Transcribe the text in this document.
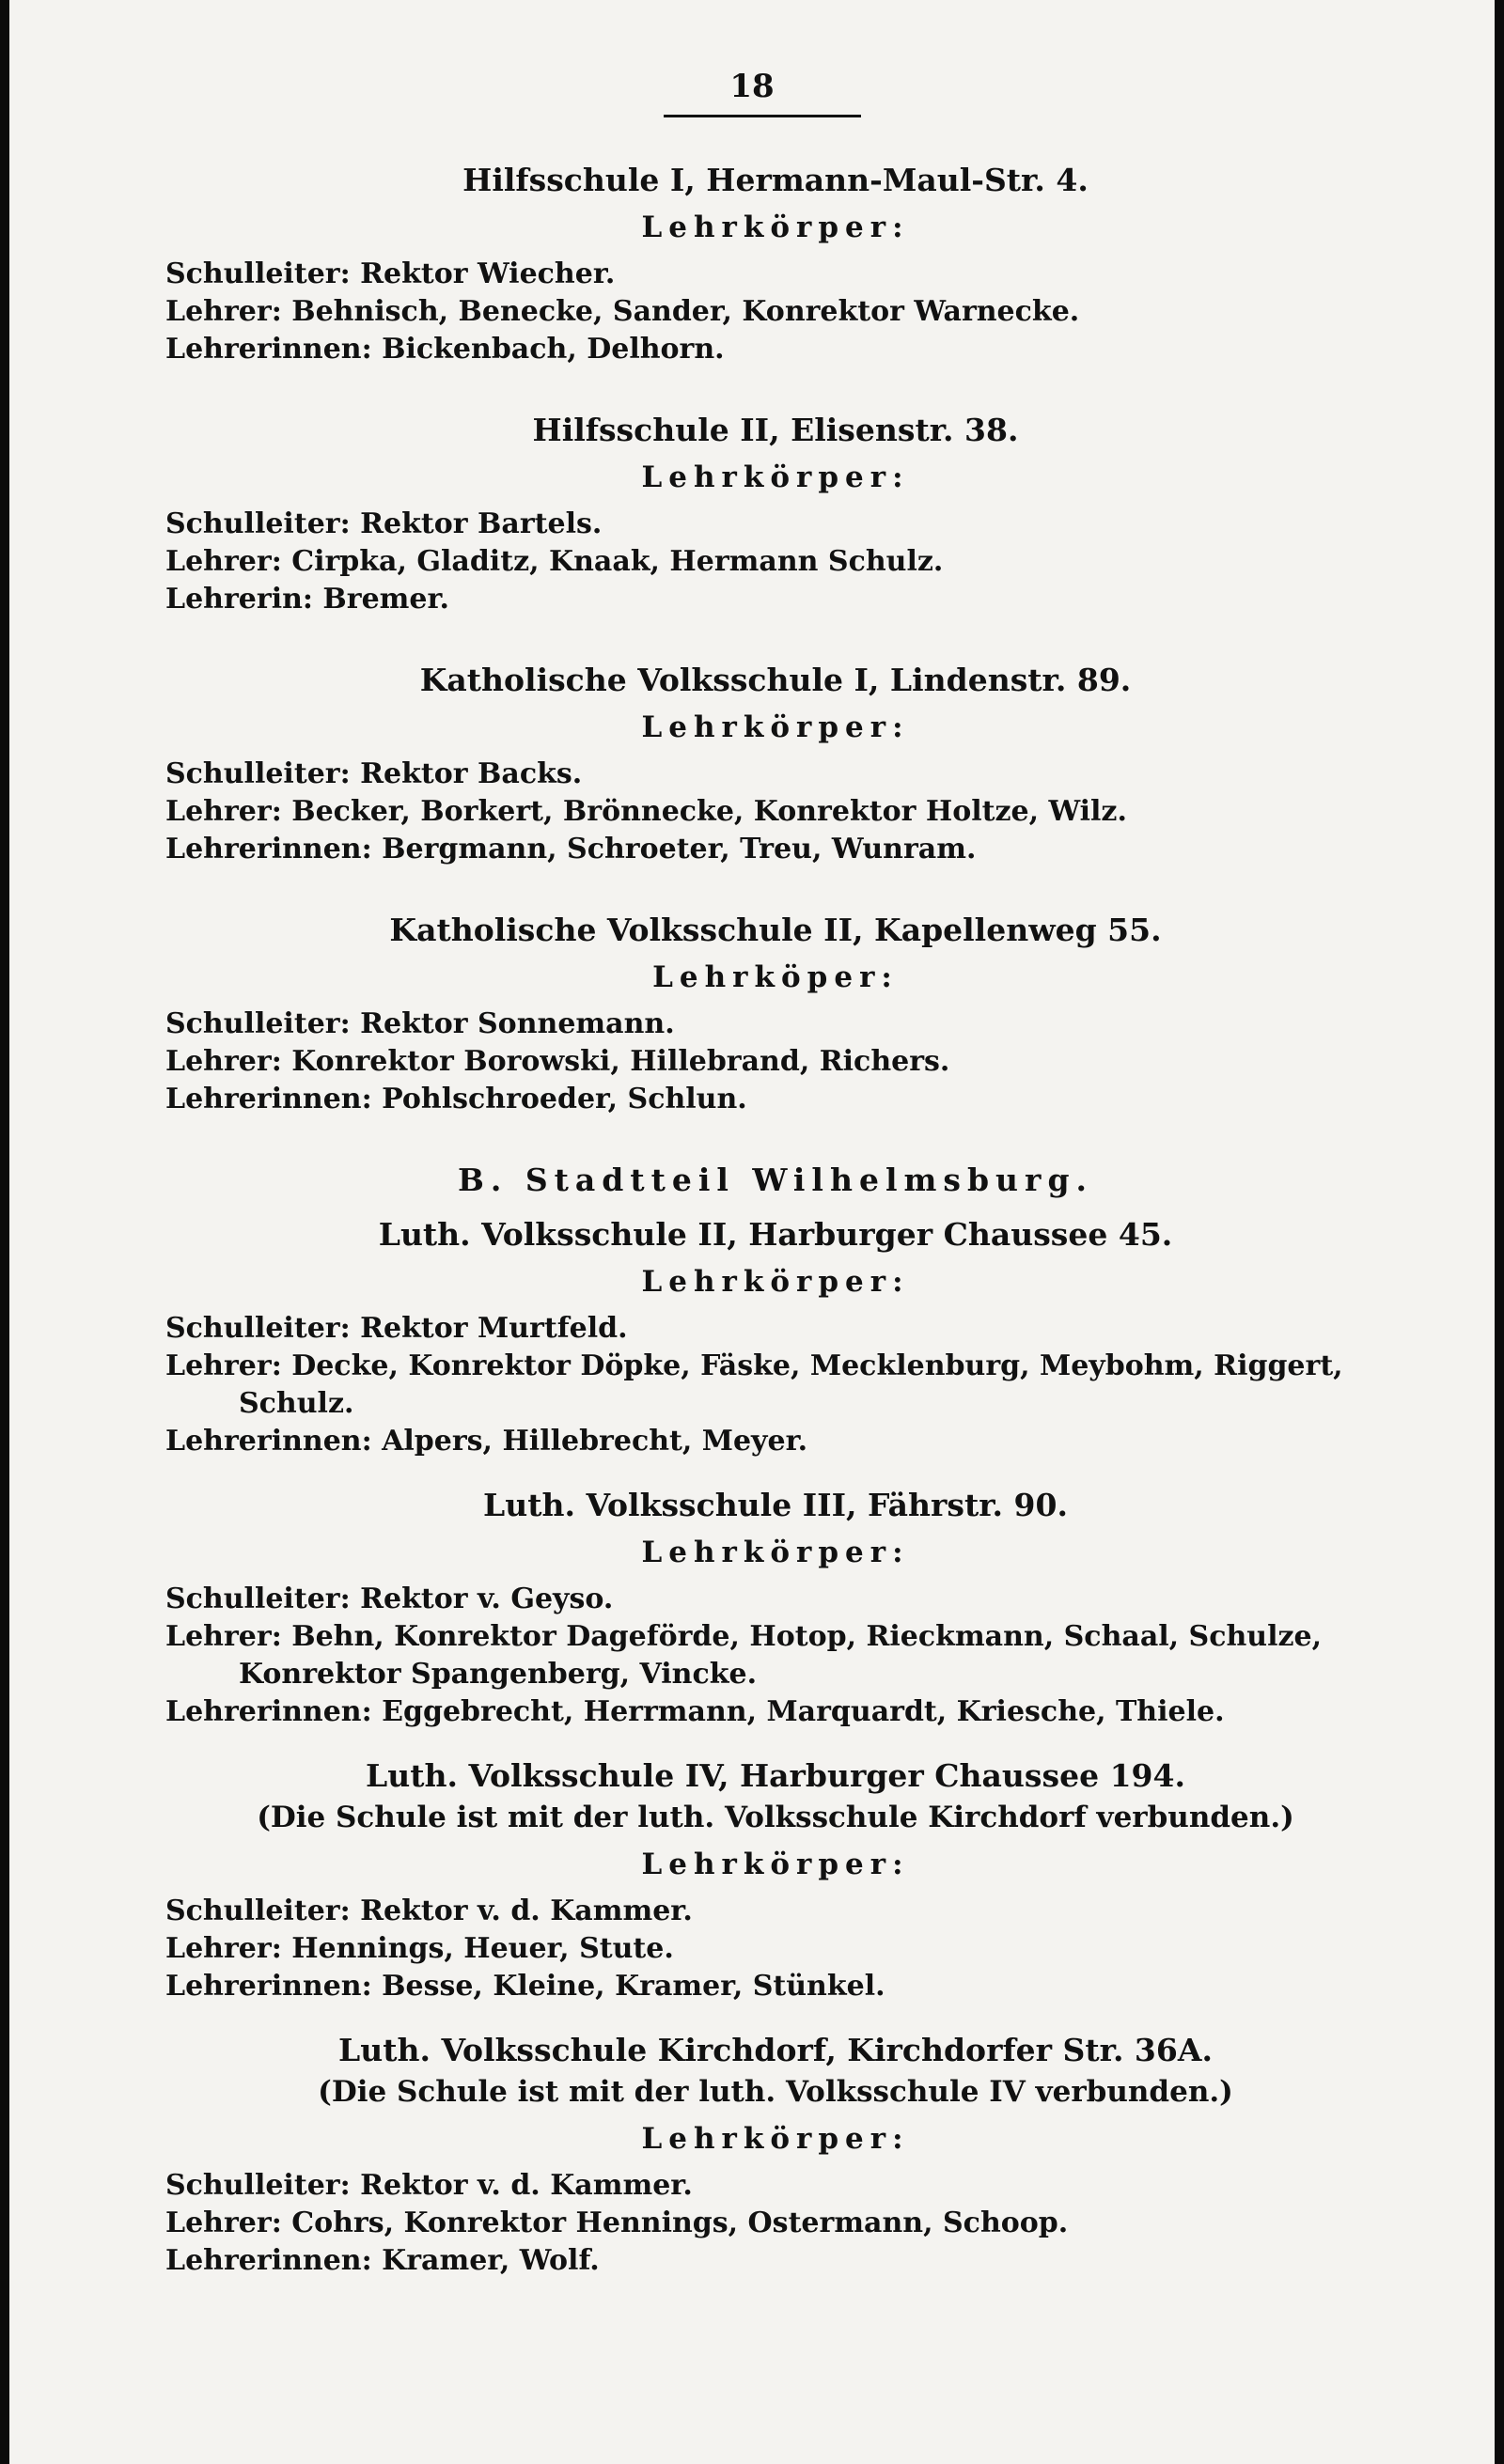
18

Hilfsschule I, Hermann-Maul-Str. 4.

Lehrkörper:
Schulleiter: Rektor Wiecher.
Lehrer: Behnisch, Benecke, Sander, Konrektor Warnecke.
Lehrerinnen: Bickenbach, Delhorn.

Hilfsschule II, Elisenstr. 38.

Lehrkörper:
Schulleiter: Rektor Bartels.
Lehrer: Cirpka, Gladitz, Knaak, Hermann Schulz.
Lehrerin: Bremer.

Katholische Volksschule I, Lindenstr. 89.

Lehrkörper:
Schulleiter: Rektor Backs.
Lehrer: Becker, Borkert, Brönnecke, Konrektor Holtze, Wilz.
Lehrerinnen: Bergmann, Schroeter, Treu, Wunram.

Katholische Volksschule II, Kapellenweg 55.

Lehrköper:
Schulleiter: Rektor Sonnemann.
Lehrer: Konrektor Borowski, Hillebrand, Richers.
Lehrerinnen: Pohlschroeder, Schlun.
B. Stadtteil Wilhelmsburg.

Luth. Volksschule II, Harburger Chaussee 45.

Lehrkörper:
Schulleiter: Rektor Murtfeld.
Lehrer: Decke, Konrektor Döpke, Fäske, Mecklenburg, Meybohm, Riggert,
Schulz.
Lehrerinnen: Alpers, Hillebrecht, Meyer.

Luth. Volksschule III, Fährstr. 90.

Lehrkörper:
Schulleiter: Rektor v. Geyso.
Lehrer: Behn, Konrektor Dageförde, Hotop, Rieckmann, Schaal, Schulze,
Konrektor Spangenberg, Vincke.
Lehrerinnen: Eggebrecht, Herrmann, Marquardt, Kriesche, Thiele.

Luth. Volksschule IV, Harburger Chaussee 194.

(Die Schule ist mit der luth. Volksschule Kirchdorf verbunden.)
Lehrkörper:
Schulleiter: Rektor v. d. Kammer.
Lehrer: Hennings, Heuer, Stute.
Lehrerinnen: Besse, Kleine, Kramer, Stünkel.

Luth. Volksschule Kirchdorf, Kirchdorfer Str. 36A.

(Die Schule ist mit der luth. Volksschule IV verbunden.)
Lehrkörper:
Schulleiter: Rektor v. d. Kammer.
Lehrer: Cohrs, Konrektor Hennings, Ostermann, Schoop.
Lehrerinnen: Kramer, Wolf.
